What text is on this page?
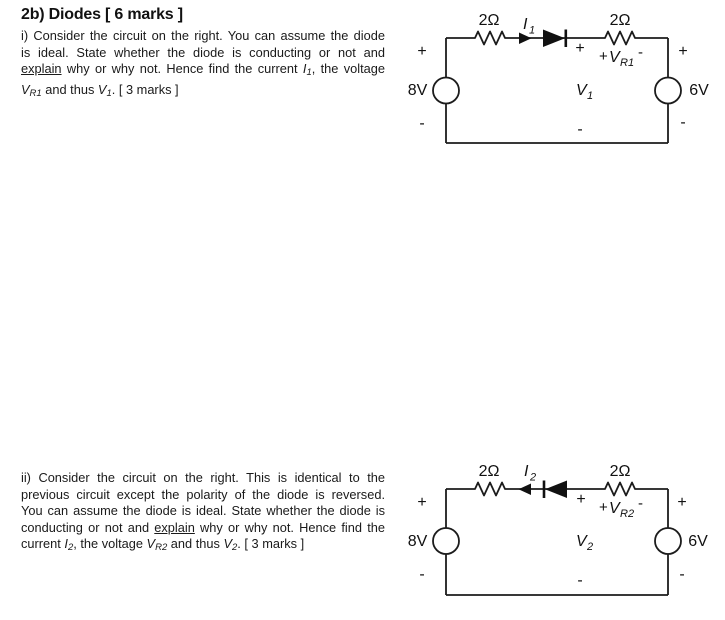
2b) Diodes [ 6 marks ]
i) Consider the circuit on the right. You can assume the diode
is ideal. State whether the diode is conducting or not and
explain why or why not. Hence find the current I1, the voltage
VR1 and thus V1. [ 3 marks ]
ii) Consider the circuit on the right. This is identical to the
previous circuit except the polarity of the diode is reversed.
You can assume the diode is ideal. State whether the diode is
conducting or not and explain why or why not. Hence find the
current I2, the voltage VR2 and thus V2. [ 3 marks ]
2Ω I 1
2Ω
+ + V R1
-
+
8V
-
V 1
-
+
6V
-
2Ω I 2	2Ω
+ + V R2
-
+
8V
-
V 2
-
+
6V
-
